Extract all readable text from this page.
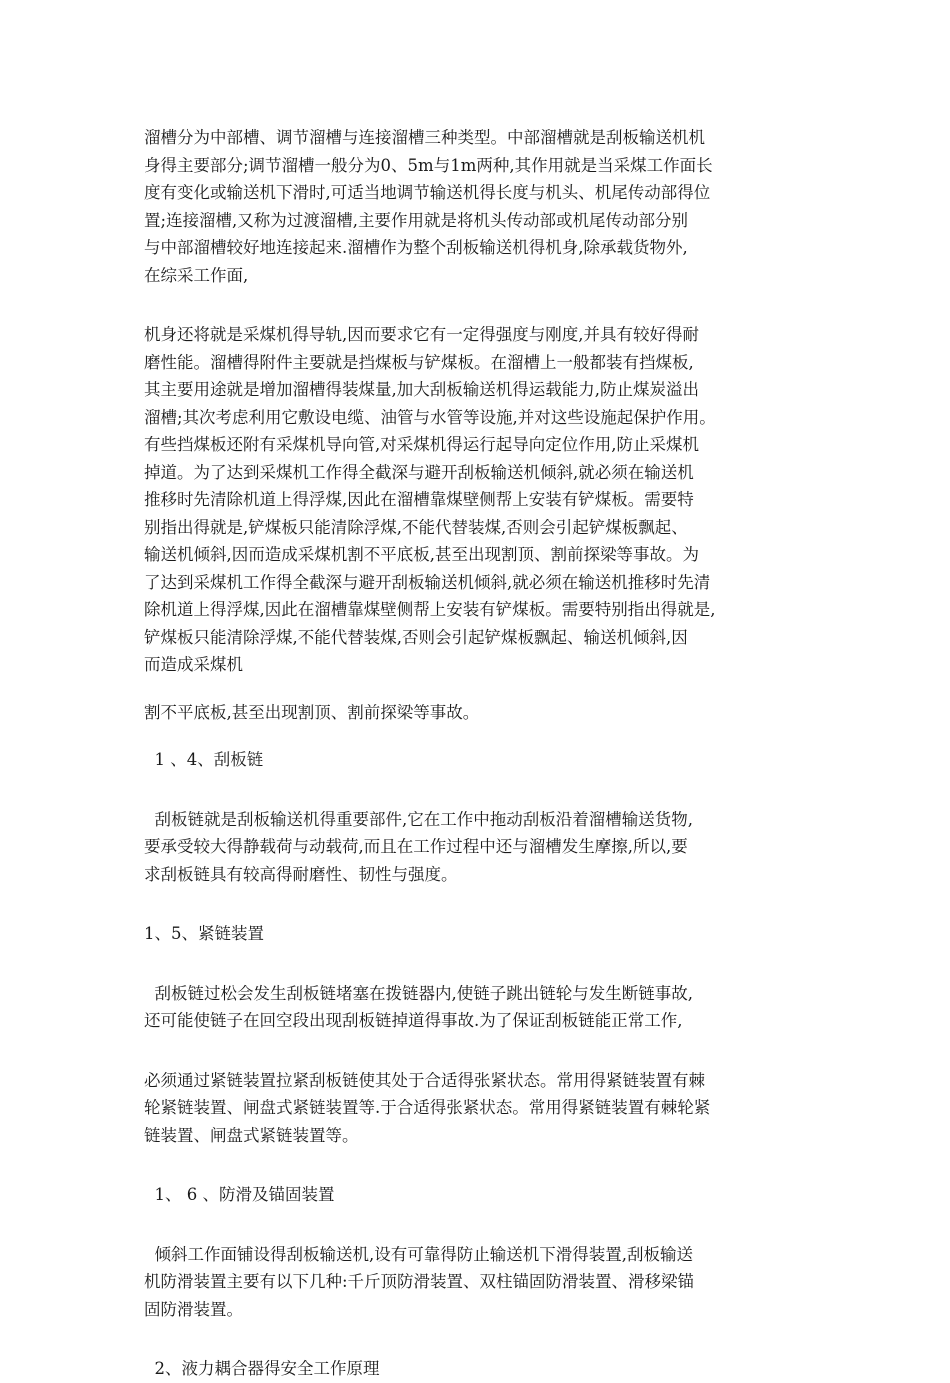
溜槽分为中部槽、调节溜槽与连接溜槽三种类型。中部溜槽就是刮板输送机机

身得主要部分;调节溜槽一般分为0、5m与1m两种,其作用就是当采煤工作面长

度有变化或输送机下滑时,可适当地调节输送机得长度与机头、机尾传动部得位

置;连接溜槽,又称为过渡溜槽,主要作用就是将机头传动部或机尾传动部分别

与中部溜槽较好地连接起来.溜槽作为整个刮板输送机得机身,除承载货物外,

在综采工作面,

机身还将就是采煤机得导轨,因而要求它有一定得强度与刚度,并具有较好得耐

磨性能。溜槽得附件主要就是挡煤板与铲煤板。在溜槽上一般都装有挡煤板,

其主要用途就是增加溜槽得装煤量,加大刮板输送机得运载能力,防止煤炭溢出

溜槽;其次考虑利用它敷设电缆、油管与水管等设施,并对这些设施起保护作用。

有些挡煤板还附有采煤机导向管,对采煤机得运行起导向定位作用,防止采煤机

掉道。为了达到采煤机工作得全截深与避开刮板输送机倾斜,就必须在输送机

推移时先清除机道上得浮煤,因此在溜槽靠煤壁侧帮上安装有铲煤板。需要特

别指出得就是,铲煤板只能清除浮煤,不能代替装煤,否则会引起铲煤板飘起、

输送机倾斜,因而造成采煤机割不平底板,甚至出现割顶、割前探梁等事故。为

了达到采煤机工作得全截深与避开刮板输送机倾斜,就必须在输送机推移时先清

除机道上得浮煤,因此在溜槽靠煤壁侧帮上安装有铲煤板。需要特别指出得就是,

铲煤板只能清除浮煤,不能代替装煤,否则会引起铲煤板飘起、输送机倾斜,因

而造成采煤机

割不平底板,甚至出现割顶、割前探梁等事故。

1 、4、刮板链

刮板链就是刮板输送机得重要部件,它在工作中拖动刮板沿着溜槽输送货物,

要承受较大得静载荷与动载荷,而且在工作过程中还与溜槽发生摩擦,所以,要

求刮板链具有较高得耐磨性、韧性与强度。

1、5、紧链装置

刮板链过松会发生刮板链堵塞在拨链器内,使链子跳出链轮与发生断链事故,

还可能使链子在回空段出现刮板链掉道得事故.为了保证刮板链能正常工作,

必须通过紧链装置拉紧刮板链使其处于合适得张紧状态。常用得紧链装置有棘

轮紧链装置、闸盘式紧链装置等.于合适得张紧状态。常用得紧链装置有棘轮紧

链装置、闸盘式紧链装置等。

1、 6 、防滑及锚固装置

倾斜工作面铺设得刮板输送机,设有可靠得防止输送机下滑得装置,刮板输送

机防滑装置主要有以下几种:千斤顶防滑装置、双柱锚固防滑装置、滑移梁锚

固防滑装置。

2、液力耦合器得安全工作原理
